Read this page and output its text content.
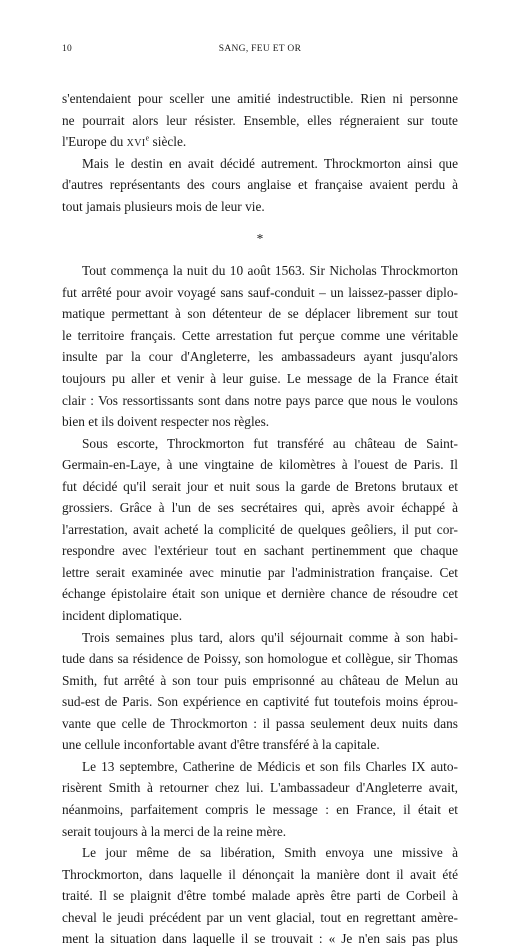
10	SANG, FEU ET OR
s'entendaient pour sceller une amitié indestructible. Rien ni personne
ne pourrait alors leur résister. Ensemble, elles régneraient sur toute
l'Europe du XVIe siècle.
Mais le destin en avait décidé autrement. Throckmorton ainsi que
d'autres représentants des cours anglaise et française avaient perdu à
tout jamais plusieurs mois de leur vie.
*
Tout commença la nuit du 10 août 1563. Sir Nicholas Throckmorton
fut arrêté pour avoir voyagé sans sauf-conduit – un laissez-passer diplo-
matique permettant à son détenteur de se déplacer librement sur tout
le territoire français. Cette arrestation fut perçue comme une véritable
insulte par la cour d'Angleterre, les ambassadeurs ayant jusqu'alors
toujours pu aller et venir à leur guise. Le message de la France était
clair : Vos ressortissants sont dans notre pays parce que nous le voulons
bien et ils doivent respecter nos règles.
Sous escorte, Throckmorton fut transféré au château de Saint-
Germain-en-Laye, à une vingtaine de kilomètres à l'ouest de Paris. Il
fut décidé qu'il serait jour et nuit sous la garde de Bretons brutaux et
grossiers. Grâce à l'un de ses secrétaires qui, après avoir échappé à
l'arrestation, avait acheté la complicité de quelques geôliers, il put cor-
respondre avec l'extérieur tout en sachant pertinemment que chaque
lettre serait examinée avec minutie par l'administration française. Cet
échange épistolaire était son unique et dernière chance de résoudre cet
incident diplomatique.
Trois semaines plus tard, alors qu'il séjournait comme à son habi-
tude dans sa résidence de Poissy, son homologue et collègue, sir Thomas
Smith, fut arrêté à son tour puis emprisonné au château de Melun au
sud-est de Paris. Son expérience en captivité fut toutefois moins éprou-
vante que celle de Throckmorton : il passa seulement deux nuits dans
une cellule inconfortable avant d'être transféré à la capitale.
Le 13 septembre, Catherine de Médicis et son fils Charles IX auto-
risèrent Smith à retourner chez lui. L'ambassadeur d'Angleterre avait,
néanmoins, parfaitement compris le message : en France, il était et
serait toujours à la merci de la reine mère.
Le jour même de sa libération, Smith envoya une missive à
Throckmorton, dans laquelle il dénonçait la manière dont il avait été
traité. Il se plaignit d'être tombé malade après être parti de Corbeil à
cheval le jeudi précédent par un vent glacial, tout en regrettant amère-
ment la situation dans laquelle il se trouvait : « Je n'en sais pas plus
